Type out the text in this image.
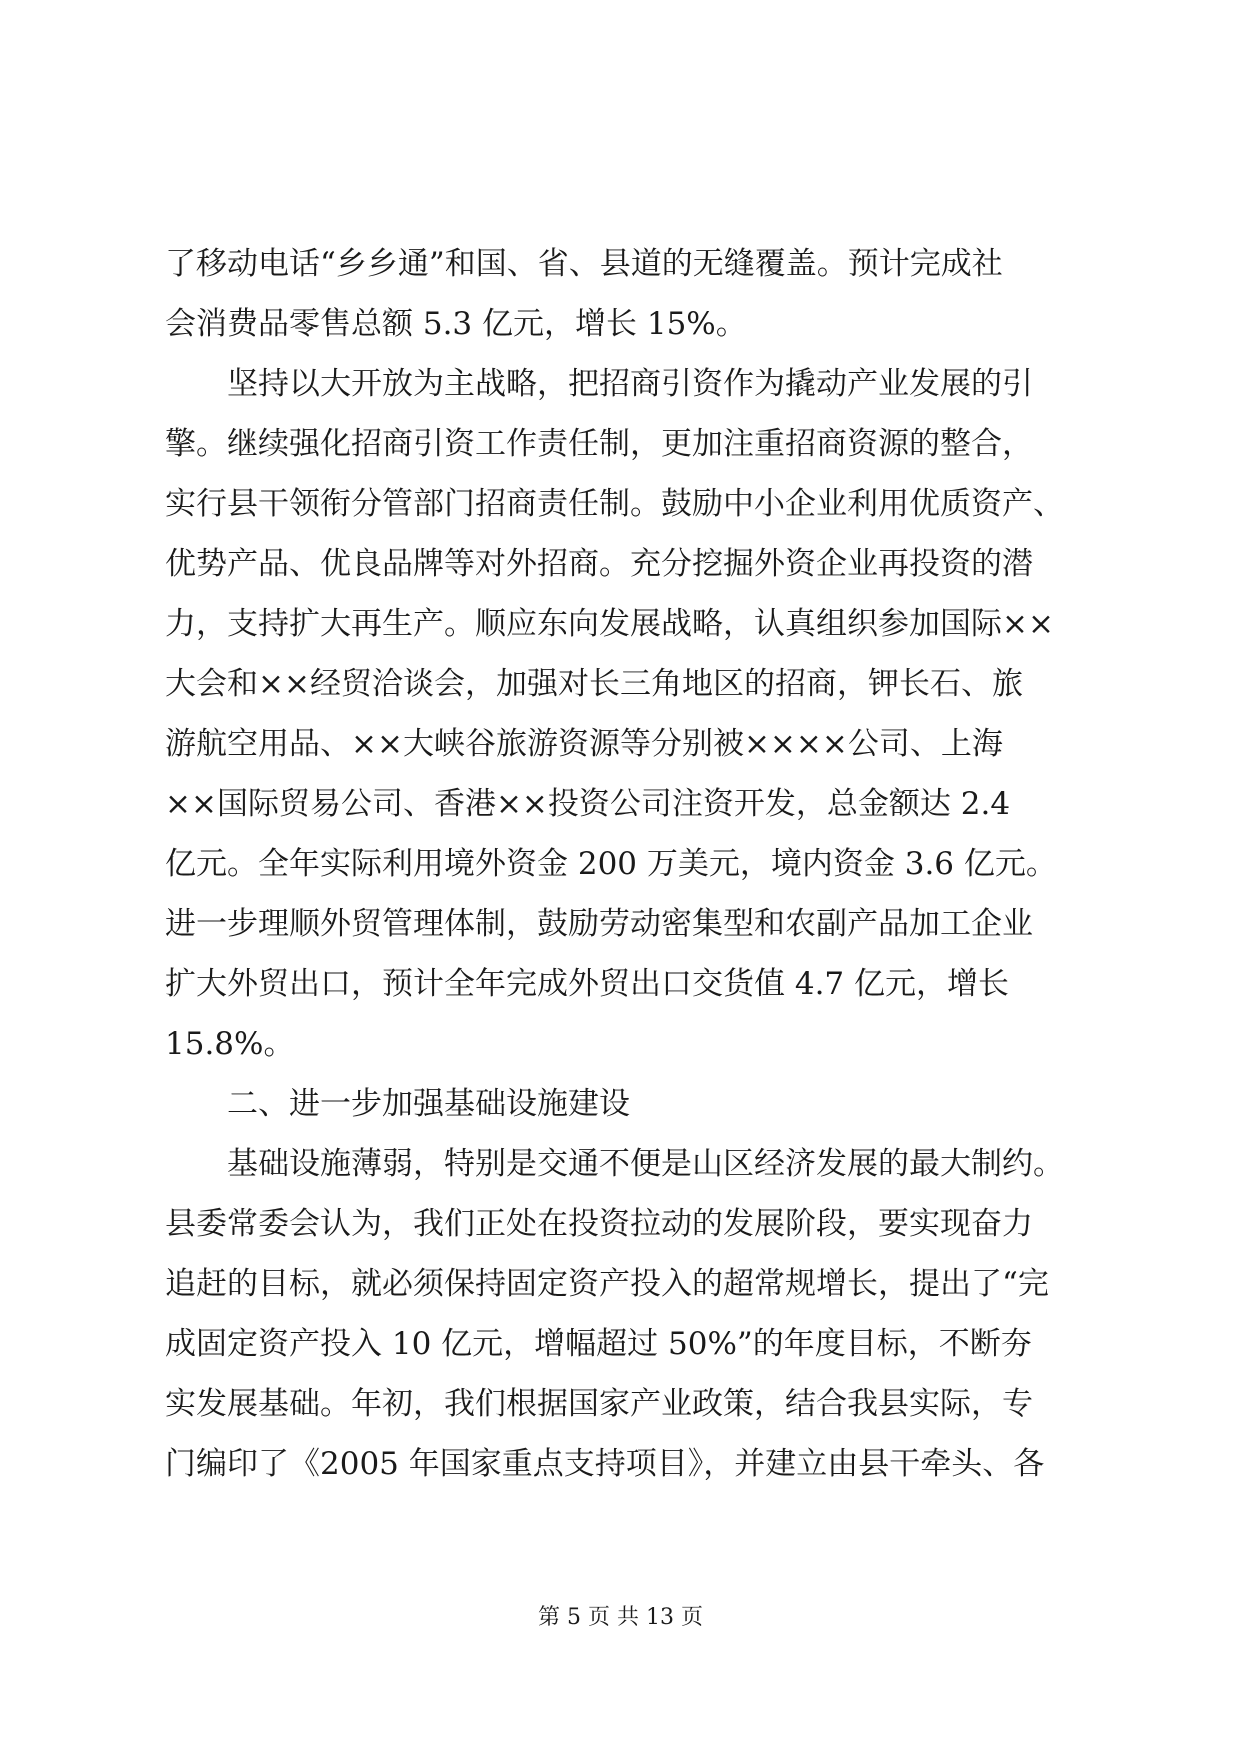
了移动电话“乡乡通”和国、省、县道的无缝覆盖。预计完成社
会消费品零售总额 5.3 亿元，增长 15%。
　　坚持以大开放为主战略，把招商引资作为撬动产业发展的引
擎。继续强化招商引资工作责任制，更加注重招商资源的整合，
实行县干领衔分管部门招商责任制。鼓励中小企业利用优质资产、
优势产品、优良品牌等对外招商。充分挖掘外资企业再投资的潜
力，支持扩大再生产。顺应东向发展战略，认真组织参加国际××
大会和××经贸洽谈会，加强对长三角地区的招商，钾长石、旅
游航空用品、××大峡谷旅游资源等分别被××××公司、上海
××国际贸易公司、香港××投资公司注资开发，总金额达 2.4
亿元。全年实际利用境外资金 200 万美元，境内资金 3.6 亿元。
进一步理顺外贸管理体制，鼓励劳动密集型和农副产品加工企业
扩大外贸出口，预计全年完成外贸出口交货值 4.7 亿元，增长
15.8%。
　　二、进一步加强基础设施建设
　　基础设施薄弱，特别是交通不便是山区经济发展的最大制约。
县委常委会认为，我们正处在投资拉动的发展阶段，要实现奋力
追赶的目标，就必须保持固定资产投入的超常规增长，提出了“完
成固定资产投入 10 亿元，增幅超过 50%”的年度目标，不断夯
实发展基础。年初，我们根据国家产业政策，结合我县实际，专
门编印了《2005 年国家重点支持项目》，并建立由县干牵头、各
第 5 页 共 13 页
